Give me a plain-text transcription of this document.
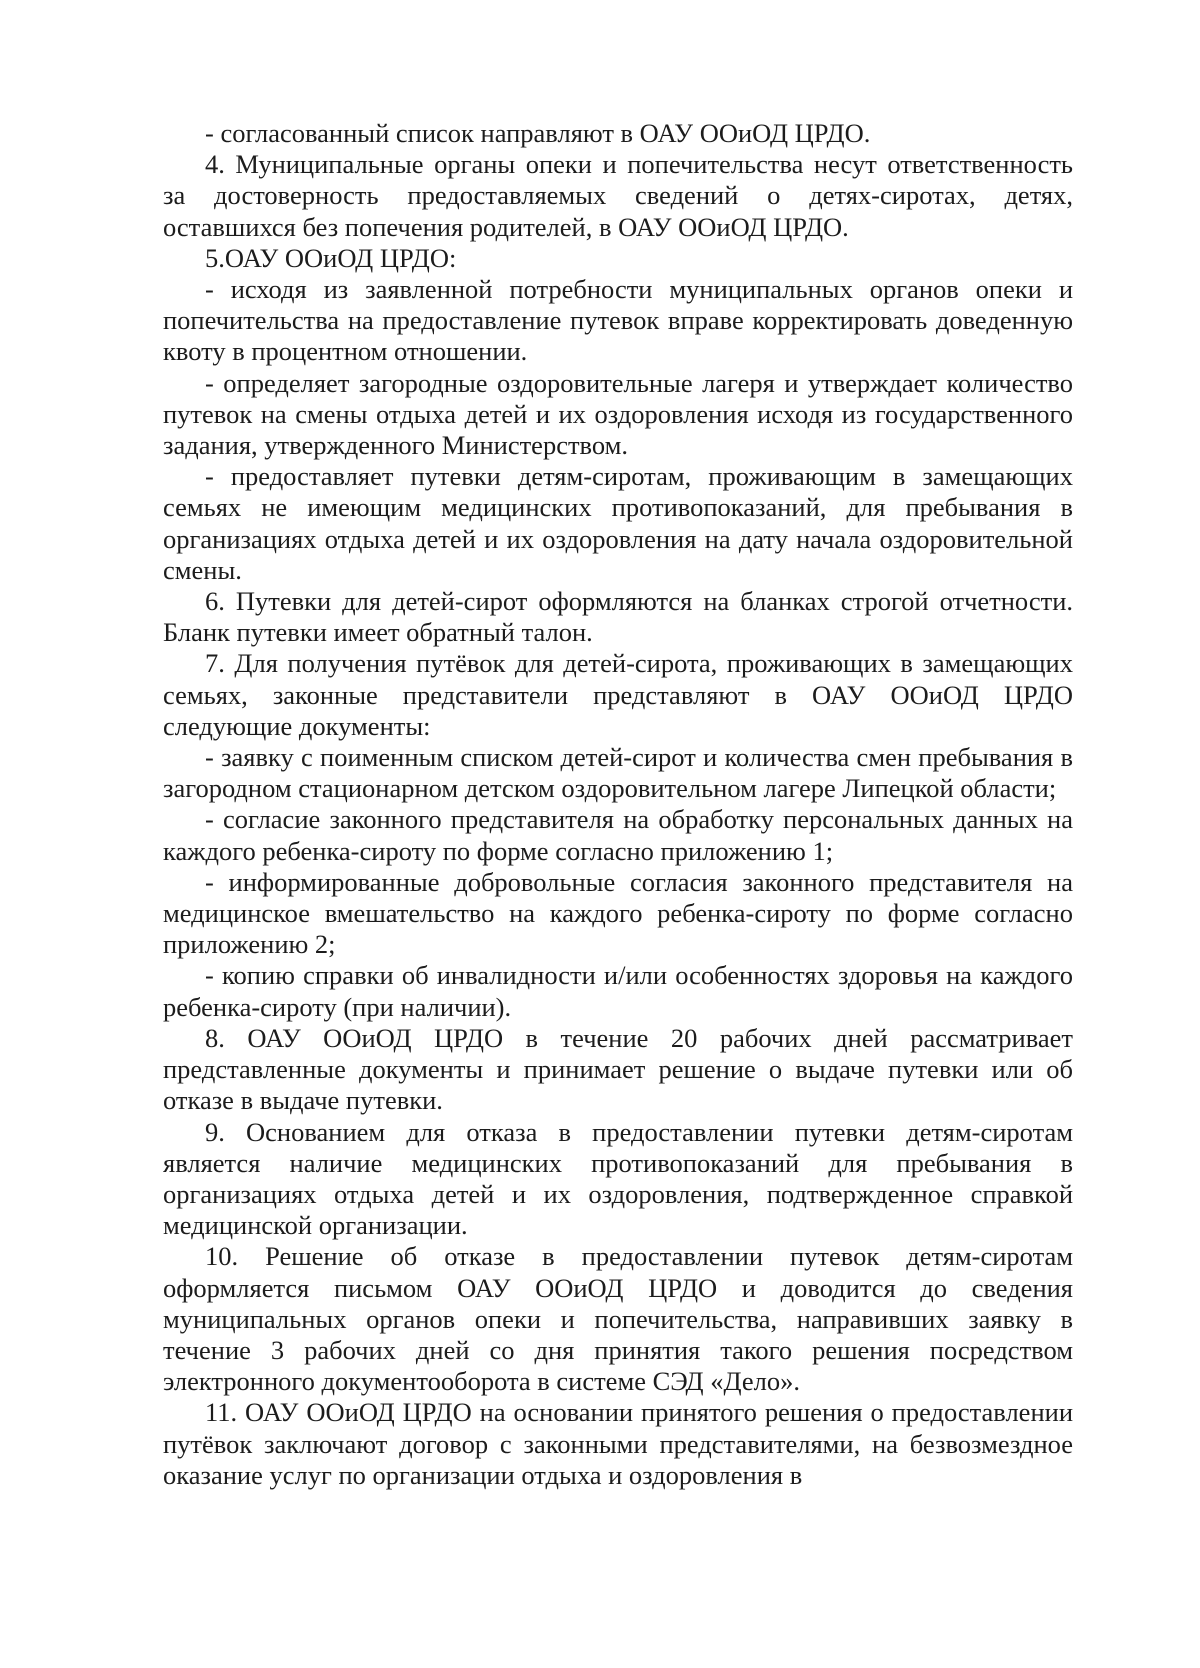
- согласованный список направляют в ОАУ ООиОД ЦРДО.

4. Муниципальные органы опеки и попечительства несут ответственность за достоверность предоставляемых сведений о детях-сиротах, детях, оставшихся без попечения родителей, в ОАУ ООиОД ЦРДО.

5.ОАУ ООиОД ЦРДО:

- исходя из заявленной потребности муниципальных органов опеки и попечительства на предоставление путевок вправе корректировать доведенную квоту в процентном отношении.

- определяет загородные оздоровительные лагеря и утверждает количество путевок на смены отдыха детей и их оздоровления исходя из государственного задания, утвержденного Министерством.

- предоставляет путевки детям-сиротам, проживающим в замещающих семьях не имеющим медицинских противопоказаний, для пребывания в организациях отдыха детей и их оздоровления на дату начала оздоровительной смены.

6. Путевки для детей-сирот оформляются на бланках строгой отчетности. Бланк путевки имеет обратный талон.

7. Для получения путёвок для детей-сирота, проживающих в замещающих семьях, законные представители представляют в ОАУ ООиОД ЦРДО следующие документы:

- заявку с поименным списком детей-сирот и количества смен пребывания в загородном стационарном детском оздоровительном лагере Липецкой области;

- согласие законного представителя на обработку персональных данных на каждого ребенка-сироту по форме согласно приложению 1;

- информированные добровольные согласия законного представителя на медицинское вмешательство на каждого ребенка-сироту по форме согласно приложению 2;

- копию справки об инвалидности и/или особенностях здоровья на каждого ребенка-сироту (при наличии).

8. ОАУ ООиОД ЦРДО в течение 20 рабочих дней рассматривает представленные документы и принимает решение о выдаче путевки или об отказе в выдаче путевки.

9. Основанием для отказа в предоставлении путевки детям-сиротам является наличие медицинских противопоказаний для пребывания в организациях отдыха детей и их оздоровления, подтвержденное справкой медицинской организации.

10. Решение об отказе в предоставлении путевок детям-сиротам оформляется письмом ОАУ ООиОД ЦРДО и доводится до сведения муниципальных органов опеки и попечительства, направивших заявку в течение 3 рабочих дней со дня принятия такого решения посредством электронного документооборота в системе СЭД «Дело».

11. ОАУ ООиОД ЦРДО на основании принятого решения о предоставлении путёвок заключают договор с законными представителями, на безвозмездное оказание услуг по организации отдыха и оздоровления в
